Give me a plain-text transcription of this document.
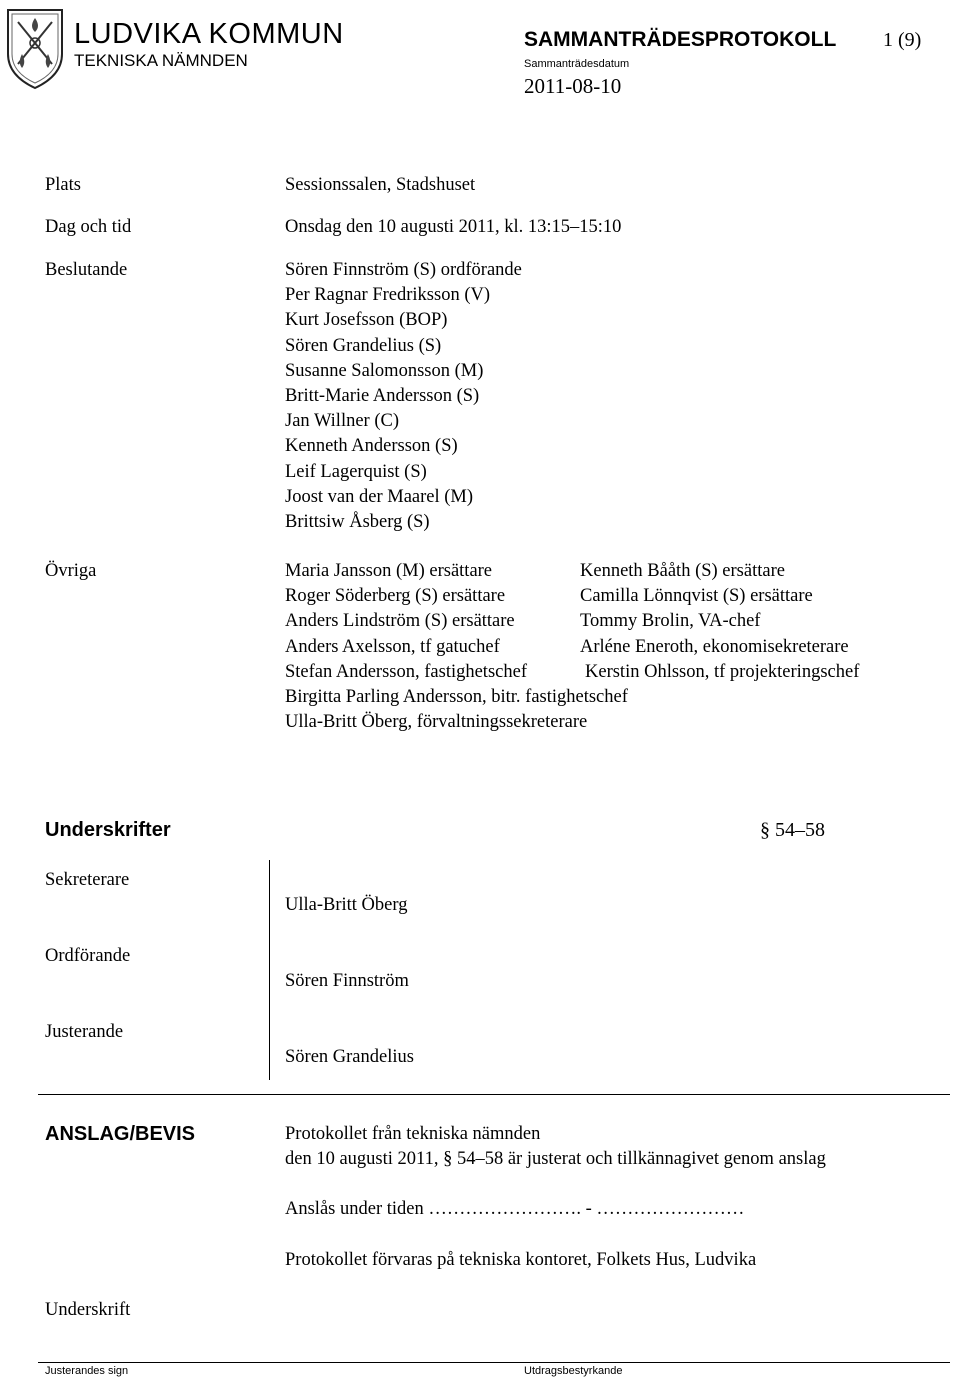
LUDVIKA KOMMUN
TEKNISKA NÄMNDEN
SAMMANTRÄDESPROTOKOLL 1 (9)
Sammanträdesdatum
2011-08-10
Plats	Sessionssalen, Stadshuset
Dag och tid	Onsdag den 10 augusti 2011, kl. 13:15–15:10
Beslutande	Sören Finnström (S) ordförande
Per Ragnar Fredriksson (V)
Kurt Josefsson (BOP)
Sören Grandelius (S)
Susanne Salomonsson (M)
Britt-Marie Andersson (S)
Jan Willner (C)
Kenneth Andersson (S)
Leif Lagerquist (S)
Joost van der Maarel (M)
Brittsiw Åsberg (S)
Övriga	Maria Jansson (M) ersättare	Kenneth Bååth (S) ersättare
Roger Söderberg (S) ersättare	Camilla Lönnqvist (S) ersättare
Anders Lindström (S) ersättare	Tommy Brolin, VA-chef
Anders Axelsson, tf gatuchef	Arléne Eneroth, ekonomisekreterare
Stefan Andersson, fastighetschef	Kerstin Ohlsson, tf projekteringschef
Birgitta Parling Andersson, bitr. fastighetschef
Ulla-Britt Öberg, förvaltningssekreterare
Underskrifter	§ 54–58
Sekreterare
Ulla-Britt Öberg
Ordförande
Sören Finnström
Justerande
Sören Grandelius
ANSLAG/BEVIS	Protokollet från tekniska nämnden
den 10 augusti 2011, § 54–58 är justerat och tillkännagivet genom anslag
Anslås under tiden ……………………. - ……………………
Protokollet förvaras på tekniska kontoret, Folkets Hus, Ludvika
Underskrift
Justerandes sign	Utdragsbestyrkande
